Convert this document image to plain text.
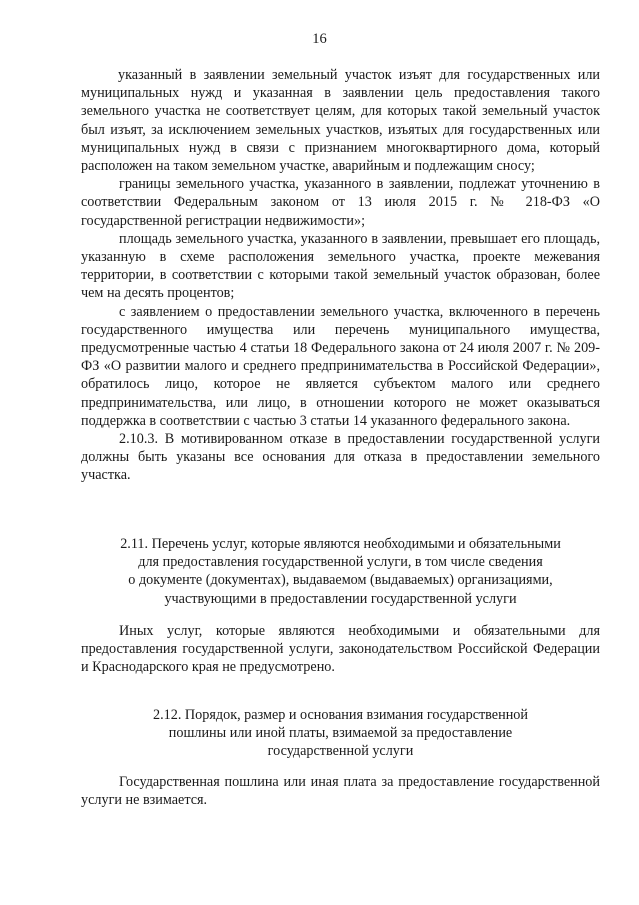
16

указанный в заявлении земельный участок изъят для государственных или муниципальных нужд и указанная в заявлении цель предоставления такого земельного участка не соответствует целям, для которых такой земельный участок был изъят, за исключением земельных участков, изъятых для государственных или муниципальных нужд в связи с признанием многоквартирного дома, который расположен на таком земельном участке, аварийным и подлежащим сносу;

границы земельного участка, указанного в заявлении, подлежат уточнению в соответствии Федеральным законом от 13 июля 2015 г. № 218-ФЗ «О государственной регистрации недвижимости»;

площадь земельного участка, указанного в заявлении, превышает его площадь, указанную в схеме расположения земельного участка, проекте межевания территории, в соответствии с которыми такой земельный участок образован, более чем на десять процентов;

с заявлением о предоставлении земельного участка, включенного в перечень государственного имущества или перечень муниципального имущества, предусмотренные частью 4 статьи 18 Федерального закона от 24 июля 2007 г. № 209-ФЗ «О развитии малого и среднего предпринимательства в Российской Федерации», обратилось лицо, которое не является субъектом малого или среднего предпринимательства, или лицо, в отношении которого не может оказываться поддержка в соответствии с частью 3 статьи 14 указанного федерального закона.

2.10.3. В мотивированном отказе в предоставлении государственной услуги должны быть указаны все основания для отказа в предоставлении земельного участка.

2.11. Перечень услуг, которые являются необходимыми и обязательными
для предоставления государственной услуги, в том числе сведения
о документе (документах), выдаваемом (выдаваемых) организациями,
участвующими в предоставлении государственной услуги

Иных услуг, которые являются необходимыми и обязательными для предоставления государственной услуги, законодательством Российской Федерации и Краснодарского края не предусмотрено.

2.12. Порядок, размер и основания взимания государственной
пошлины или иной платы, взимаемой за предоставление
государственной услуги

Государственная пошлина или иная плата за предоставление государственной услуги не взимается.
